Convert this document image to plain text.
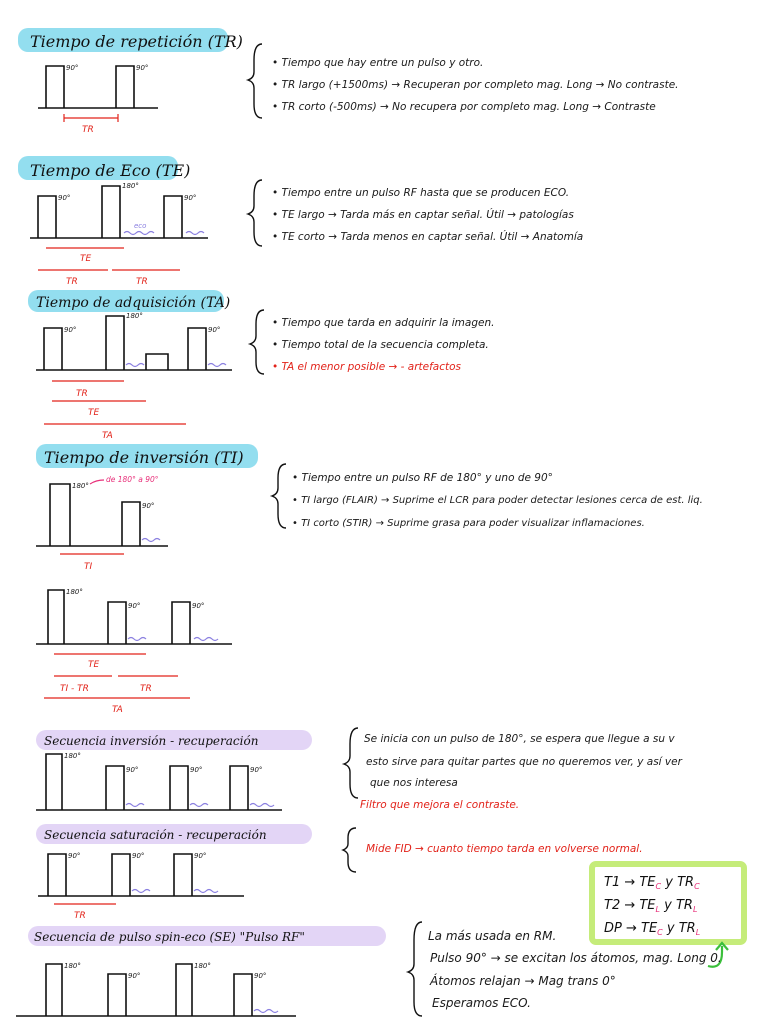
Tiempo de repetición (TR)
90°	90°
TR
• Tiempo que hay entre un pulso y otro.
• TR largo (+1500ms) → Recuperan por completo mag. Long → No contraste.
• TR corto (-500ms) → No recupera por completo mag. Long → Contraste
Tiempo de Eco (TE)
90°
180°
90°
eco
TE
TR	TR
• Tiempo entre un pulso RF hasta que se producen ECO.
• TE largo → Tarda más en captar señal. Útil → patologías
• TE corto → Tarda menos en captar señal. Útil → Anatomía
Tiempo de adquisición (TA)
90°
180°
90°
TR
TE
TA
• Tiempo que tarda en adquirir la imagen.
• Tiempo total de la secuencia completa.
• TA el menor posible → - artefactos
Tiempo de inversión (TI)
180°
90°
de 180° a 90°
TI
• Tiempo entre un pulso RF de 180° y uno de 90°
• TI largo (FLAIR) → Suprime el LCR para poder detectar lesiones cerca de est. liq.
• TI corto (STIR) → Suprime grasa para poder visualizar inflamaciones.
180°
90°	90°
TE
TI - TR	TR
TA
Secuencia inversión - recuperación
180°
90°	90°	90°
Se inicia con un pulso de 180°, se espera que llegue a su v
esto sirve para quitar partes que no queremos ver, y así ver
que nos interesa
Filtro que mejora el contraste.
Secuencia saturación - recuperación
90°	90°	90°
TR
Mide FID → cuanto tiempo tarda en volverse normal.
$T1 \to TE_C$ y $TR_C$
$T2 \to TE_L$ y $TR_L$
DP → $TE_C$ y $TR_L$
Secuencia de pulso spin-eco (SE) "Pulso RF"
180°
90°
180°
90°
La más usada en RM.
Pulso 90° → se excitan los átomos, mag. Long 0.
Átomos relajan → Mag trans 0°
Esperamos ECO.
